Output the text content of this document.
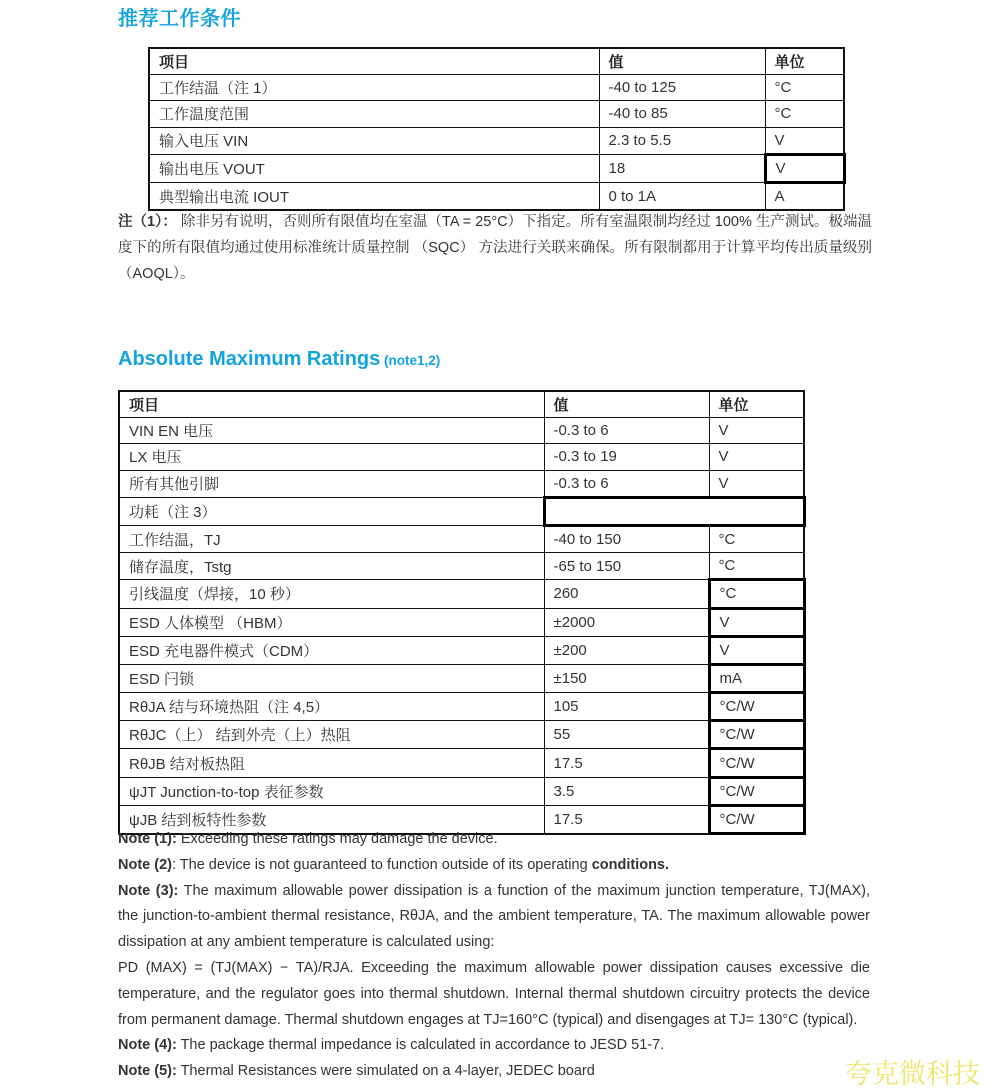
推荐工作条件
项目	值	单位
工作结温（注 1）	-40 to 125	°C
工作温度范围	-40 to 85	°C
输入电压 VIN	2.3 to 5.5	V
输出电压 VOUT	18	V
典型输出电流 IOUT	0 to 1A	A

注（1）： 除非另有说明，否则所有限值均在室温（TA = 25°C）下指定。所有室温限制均经过 100% 生产测试。极端温度下的所有限值均通过使用标准统计质量控制 （SQC） 方法进行关联来确保。所有限制都用于计算平均传出质量级别 （AOQL）。

Absolute Maximum Ratings (note1,2)
项目	值	单位
VIN EN 电压	-0.3 to 6	V
LX 电压	-0.3 to 19	V
所有其他引脚	-0.3 to 6	V
功耗（注 3）		
工作结温，TJ	-40 to 150	°C
储存温度，Tstg	-65 to 150	°C
引线温度（焊接，10 秒）	260	°C
ESD 人体模型 （HBM）	±2000	V
ESD 充电器件模式（CDM）	±200	V
ESD 闩锁	±150	mA
RθJA 结与环境热阻（注 4,5）	105	°C/W
RθJC（上） 结到外壳（上）热阻	55	°C/W
RθJB 结对板热阻	17.5	°C/W
ψJT Junction-to-top 表征参数	3.5	°C/W
ψJB 结到板特性参数	17.5	°C/W

Note (1): Exceeding these ratings may damage the device.

Note (2): The device is not guaranteed to function outside of its operating conditions.

Note (3): The maximum allowable power dissipation is a function of the maximum junction temperature, TJ(MAX), the junction-to-ambient thermal resistance, RθJA, and the ambient temperature, TA. The maximum allowable power dissipation at any ambient temperature is calculated using:

PD (MAX) = (TJ(MAX) − TA)/RJA. Exceeding the maximum allowable power dissipation causes excessive die temperature, and the regulator goes into thermal shutdown. Internal thermal shutdown circuitry protects the device from permanent damage. Thermal shutdown engages at TJ=160°C (typical) and disengages at TJ= 130°C (typical).

Note (4): The package thermal impedance is calculated in accordance to JESD 51-7.

Note (5): Thermal Resistances were simulated on a 4-layer, JEDEC board	夸克微科技
